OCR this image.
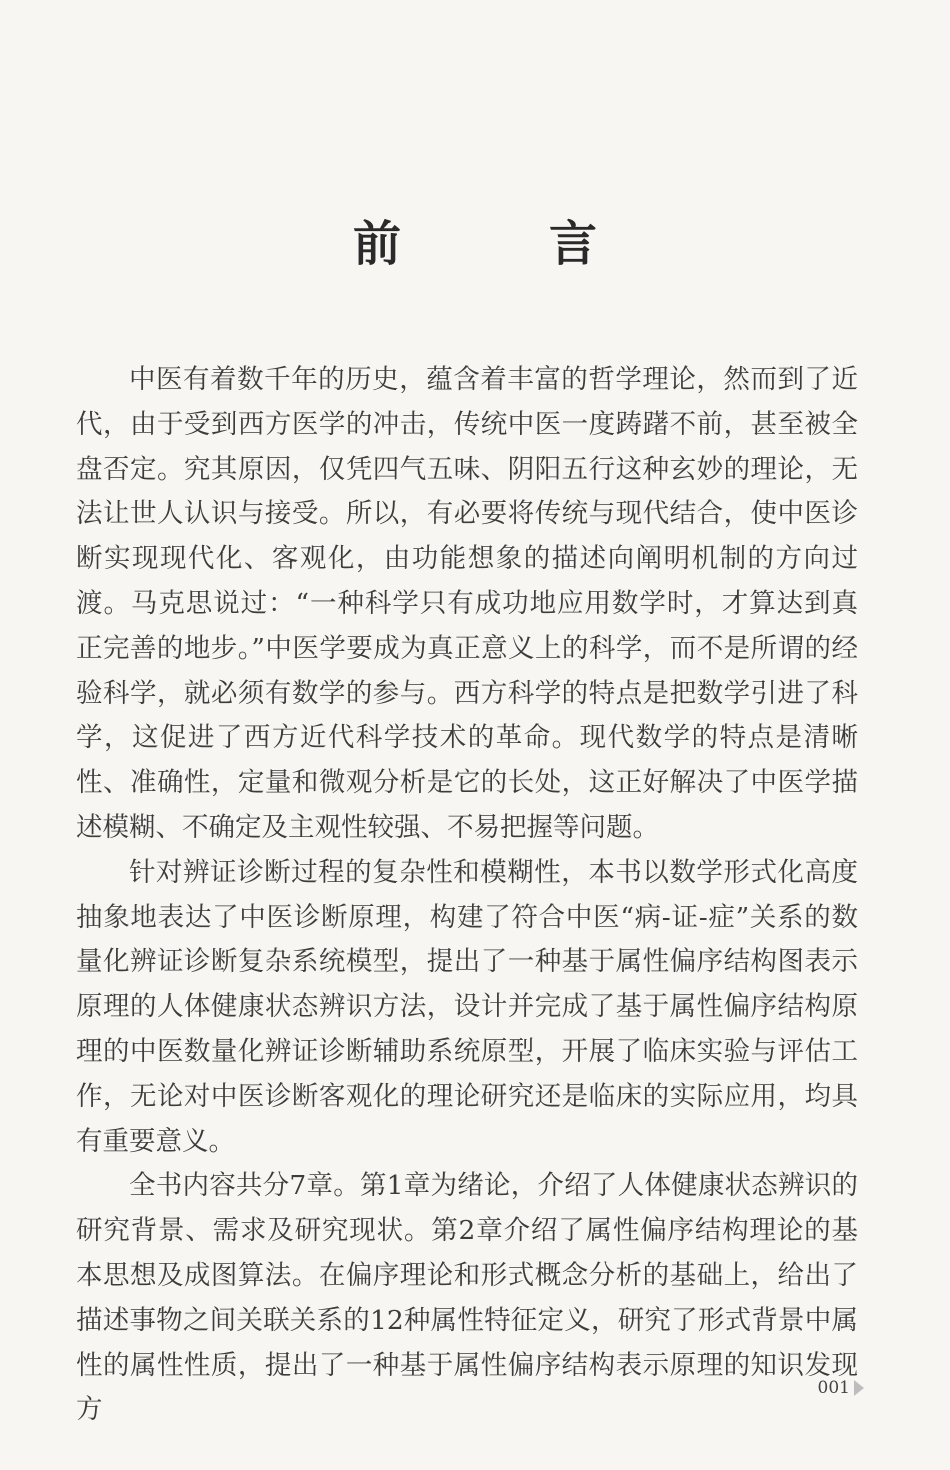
前　言

中医有着数千年的历史，蕴含着丰富的哲学理论，然而到了近代，由于受到西方医学的冲击，传统中医一度踌躇不前，甚至被全盘否定。究其原因，仅凭四气五味、阴阳五行这种玄妙的理论，无法让世人认识与接受。所以，有必要将传统与现代结合，使中医诊断实现现代化、客观化，由功能想象的描述向阐明机制的方向过渡。马克思说过：“一种科学只有成功地应用数学时，才算达到真正完善的地步。”中医学要成为真正意义上的科学，而不是所谓的经验科学，就必须有数学的参与。西方科学的特点是把数学引进了科学，这促进了西方近代科学技术的革命。现代数学的特点是清晰性、准确性，定量和微观分析是它的长处，这正好解决了中医学描述模糊、不确定及主观性较强、不易把握等问题。

针对辨证诊断过程的复杂性和模糊性，本书以数学形式化高度抽象地表达了中医诊断原理，构建了符合中医“病-证-症”关系的数量化辨证诊断复杂系统模型，提出了一种基于属性偏序结构图表示原理的人体健康状态辨识方法，设计并完成了基于属性偏序结构原理的中医数量化辨证诊断辅助系统原型，开展了临床实验与评估工作，无论对中医诊断客观化的理论研究还是临床的实际应用，均具有重要意义。

全书内容共分7章。第1章为绪论，介绍了人体健康状态辨识的研究背景、需求及研究现状。第2章介绍了属性偏序结构理论的基本思想及成图算法。在偏序理论和形式概念分析的基础上，给出了描述事物之间关联关系的12种属性特征定义，研究了形式背景中属性的属性性质，提出了一种基于属性偏序结构表示原理的知识发现方

001
